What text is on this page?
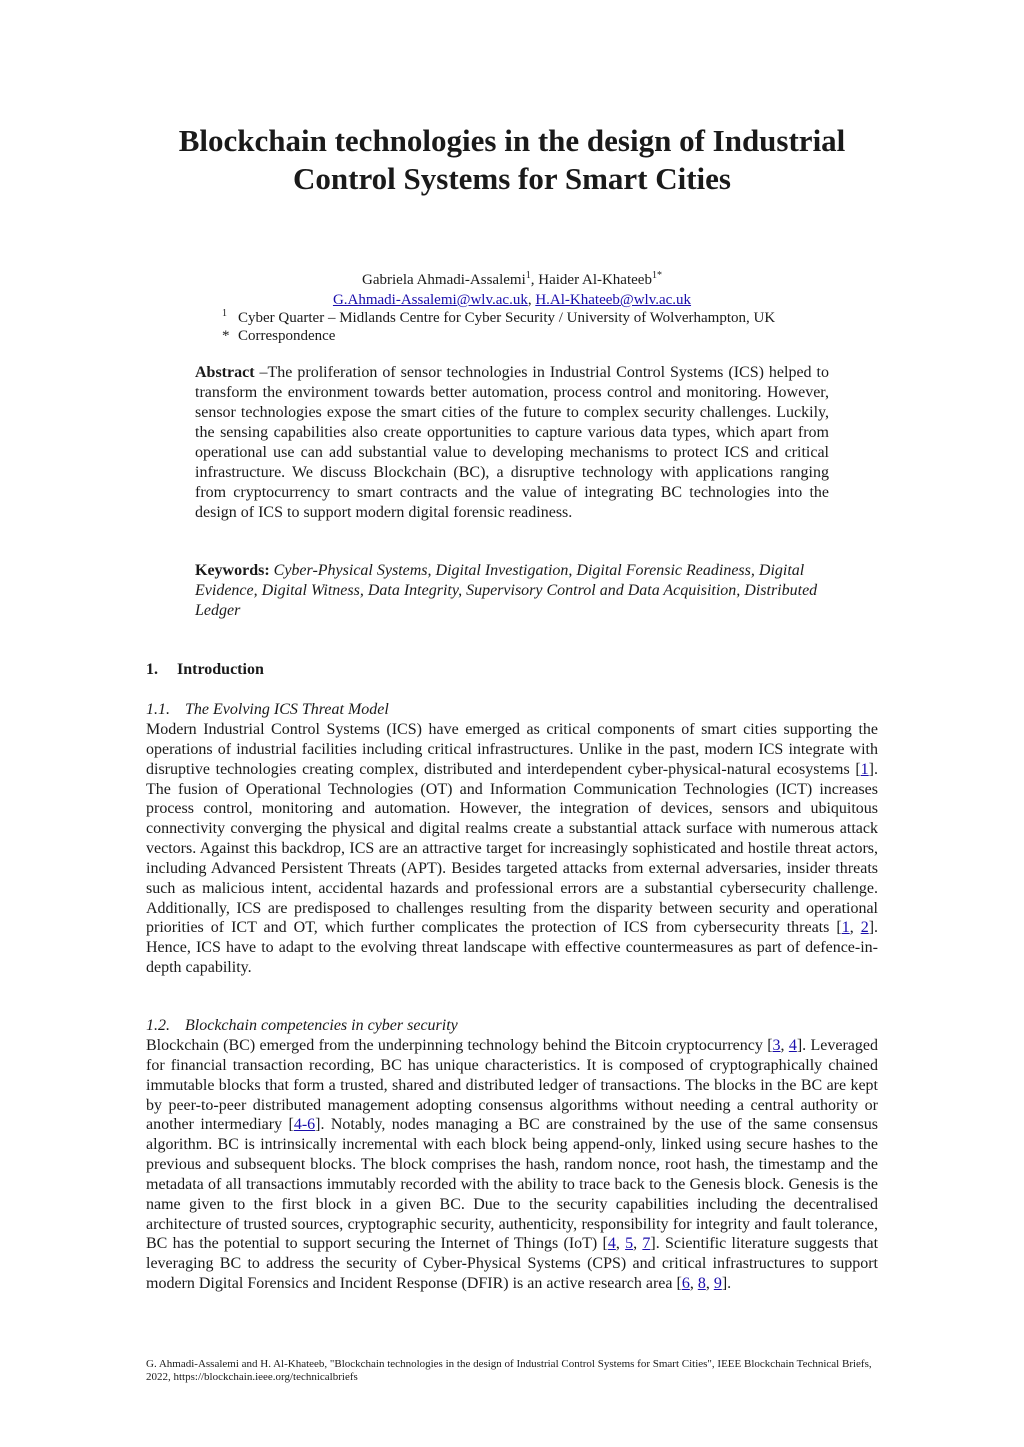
Blockchain technologies in the design of Industrial
Control Systems for Smart Cities
Gabriela Ahmadi-Assalemi$^1$, Haider Al-Khateeb$^{1*}$
G.Ahmadi-Assalemi@wlv.ac.uk, H.Al-Khateeb@wlv.ac.uk
$^1$ Cyber Quarter – Midlands Centre for Cyber Security / University of Wolverhampton, UK
* Correspondence
Abstract –The proliferation of sensor technologies in Industrial Control Systems (ICS) helped to transform the environment towards better automation, process control and monitoring. However, sensor technologies expose the smart cities of the future to complex security challenges. Luckily, the sensing capabilities also create opportunities to capture various data types, which apart from operational use can add substantial value to developing mechanisms to protect ICS and critical infrastructure. We discuss Blockchain (BC), a disruptive technology with applications ranging from cryptocurrency to smart contracts and the value of integrating BC technologies into the design of ICS to support modern digital forensic readiness.
Keywords: Cyber-Physical Systems, Digital Investigation, Digital Forensic Readiness, Digital Evidence, Digital Witness, Data Integrity, Supervisory Control and Data Acquisition, Distributed Ledger
1. Introduction
1.1. The Evolving ICS Threat Model
Modern Industrial Control Systems (ICS) have emerged as critical components of smart cities supporting the operations of industrial facilities including critical infrastructures. Unlike in the past, modern ICS integrate with disruptive technologies creating complex, distributed and interdependent cyber-physical-natural ecosystems [1]. The fusion of Operational Technologies (OT) and Information Communication Technologies (ICT) increases process control, monitoring and automation. However, the integration of devices, sensors and ubiquitous connectivity converging the physical and digital realms create a substantial attack surface with numerous attack vectors. Against this backdrop, ICS are an attractive target for increasingly sophisticated and hostile threat actors, including Advanced Persistent Threats (APT). Besides targeted attacks from external adversaries, insider threats such as malicious intent, accidental hazards and professional errors are a substantial cybersecurity challenge. Additionally, ICS are predisposed to challenges resulting from the disparity between security and operational priorities of ICT and OT, which further complicates the protection of ICS from cybersecurity threats [1, 2]. Hence, ICS have to adapt to the evolving threat landscape with effective countermeasures as part of defence-in-depth capability.
1.2. Blockchain competencies in cyber security
Blockchain (BC) emerged from the underpinning technology behind the Bitcoin cryptocurrency [3, 4]. Leveraged for financial transaction recording, BC has unique characteristics. It is composed of cryptographically chained immutable blocks that form a trusted, shared and distributed ledger of transactions. The blocks in the BC are kept by peer-to-peer distributed management adopting consensus algorithms without needing a central authority or another intermediary [4-6]. Notably, nodes managing a BC are constrained by the use of the same consensus algorithm. BC is intrinsically incremental with each block being append-only, linked using secure hashes to the previous and subsequent blocks. The block comprises the hash, random nonce, root hash, the timestamp and the metadata of all transactions immutably recorded with the ability to trace back to the Genesis block. Genesis is the name given to the first block in a given BC. Due to the security capabilities including the decentralised architecture of trusted sources, cryptographic security, authenticity, responsibility for integrity and fault tolerance, BC has the potential to support securing the Internet of Things (IoT) [4, 5, 7]. Scientific literature suggests that leveraging BC to address the security of Cyber-Physical Systems (CPS) and critical infrastructures to support modern Digital Forensics and Incident Response (DFIR) is an active research area [6, 8, 9].
G. Ahmadi-Assalemi and H. Al-Khateeb, "Blockchain technologies in the design of Industrial Control Systems for Smart Cities", IEEE Blockchain Technical Briefs, 2022, https://blockchain.ieee.org/technicalbriefs
